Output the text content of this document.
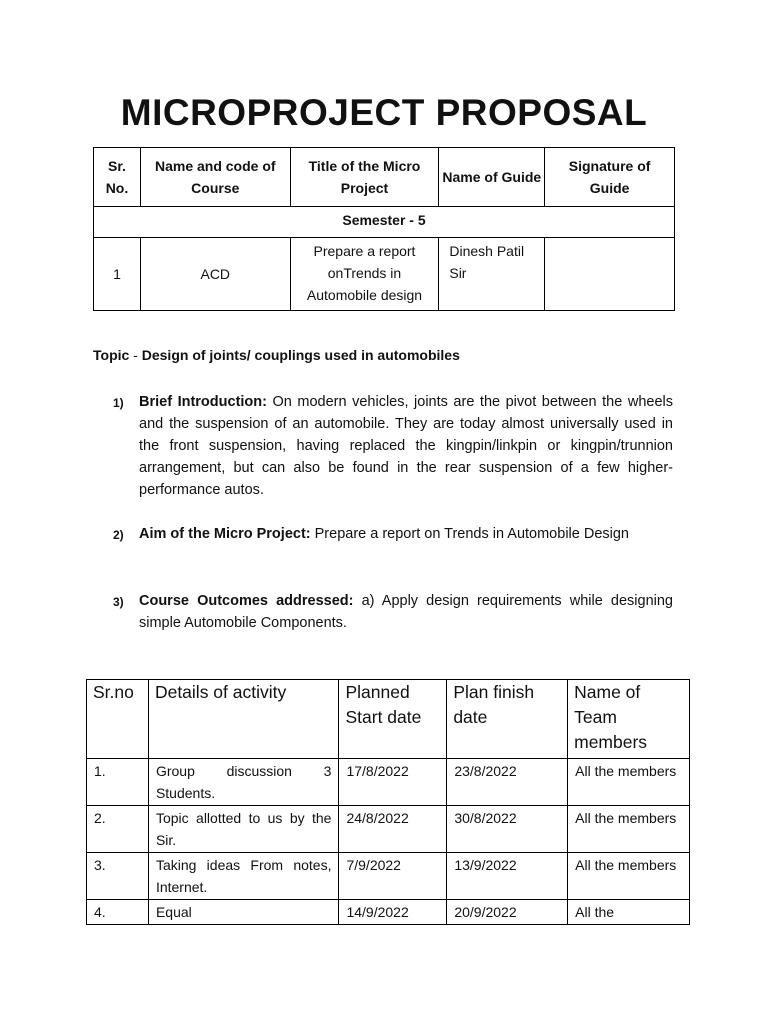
MICROPROJECT PROPOSAL
Sr. No.	Name and code of Course	Title of the Micro Project	Name of Guide	Signature of Guide
Semester - 5				
1	ACD	Prepare a report onTrends in Automobile design	Dinesh Patil Sir	
Topic - Design of joints/ couplings used in automobiles
1) Brief Introduction: On modern vehicles, joints are the pivot between the wheels and the suspension of an automobile. They are today almost universally used in the front suspension, having replaced the kingpin/linkpin or kingpin/trunnion arrangement, but can also be found in the rear suspension of a few higher-performance autos.
2) Aim of the Micro Project: Prepare a report on Trends in Automobile Design
3) Course Outcomes addressed: a) Apply design requirements while designing simple Automobile Components.
Sr.no	Details of activity	Planned Start date	Plan finish date	Name of Team members
1.	Group discussion 3 Students.	17/8/2022	23/8/2022	All the members
2.	Topic allotted to us by the Sir.	24/8/2022	30/8/2022	All the members
3.	Taking ideas From notes, Internet.	7/9/2022	13/9/2022	All the members
4.	Equal	14/9/2022	20/9/2022	All the
